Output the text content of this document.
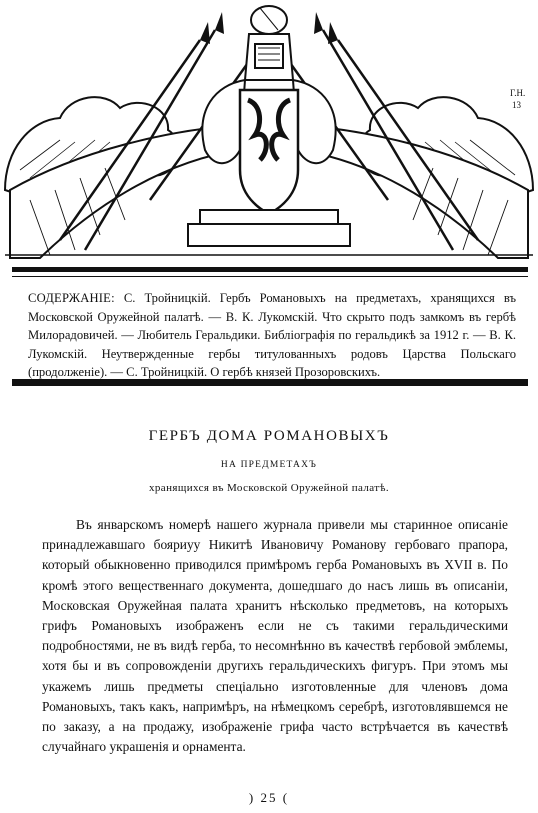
Г.Н.
13
СОДЕРЖАНІЕ: С. Тройницкій. Гербъ Романовыхъ на предметахъ, хранящихся въ Московской Оружейной палатѣ. — В. К. Лукомскій. Что скрыто подъ замкомъ въ гербѣ Милорадовичей. — Любитель Геральдики. Библіографія по геральдикѣ за 1912 г. — В. К. Лукомскій. Неутвержденные гербы титулованныхъ родовъ Царства Польскаго (продолженіе). — С. Тройницкій. О гербѣ князей Прозоровскихъ.
ГЕРБЪ ДОМА РОМАНОВЫХЪ
НА ПРЕДМЕТАХЪ
хранящихся въ Московской Оружейной палатѣ.

Въ январскомъ номерѣ нашего журнала привели мы старинное описаніе принадлежавшаго бояриyу Никитѣ Ивановичу Романову гербоваго прапора, который обыкновенно приводился примѣромъ герба Романовыхъ въ XVII в. По кромѣ этого вещественнаго документа, дошедшаго до насъ лишь въ описаніи, Московская Оружейная палата хранитъ нѣсколько предметовъ, на которыхъ грифъ Романовыхъ изображенъ если не съ такими геральдическими подробностями, не въ видѣ герба, то несомнѣнно въ качествѣ гербовой эмблемы, хотя бы и въ сопровожденіи другихъ геральдическихъ фигуръ. При этомъ мы укажемъ лишь предметы спеціально изготовленные для членовъ дома Романовыхъ, такъ какъ, напримѣръ, на нѣмецкомъ серебрѣ, изготовлявшемся не по заказу, а на продажу, изображеніе грифа часто встрѣчается въ качествѣ случайнаго украшенія и орнамента.

) 25 (
